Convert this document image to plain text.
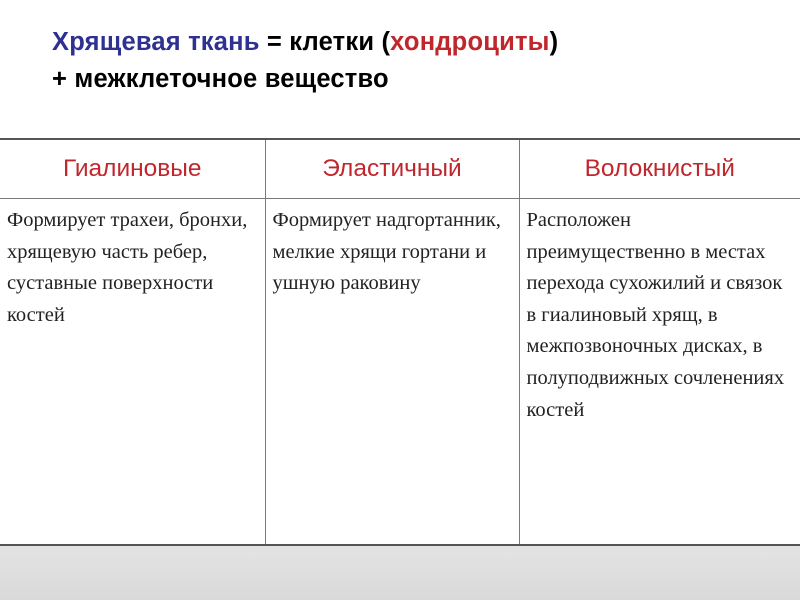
Хрящевая ткань = клетки (хондроциты)
+ межклеточное вещество
Гиалиновые	Эластичный	Волокнистый
Формирует трахеи, бронхи, хрящевую часть ребер, суставные поверхности костей	Формирует надгортанник, мелкие хрящи гортани и ушную раковину	Расположен преимущественно в местах перехода сухожилий и связок в гиалиновый хрящ, в межпозвоночных дисках, в полуподвижных сочленениях костей
